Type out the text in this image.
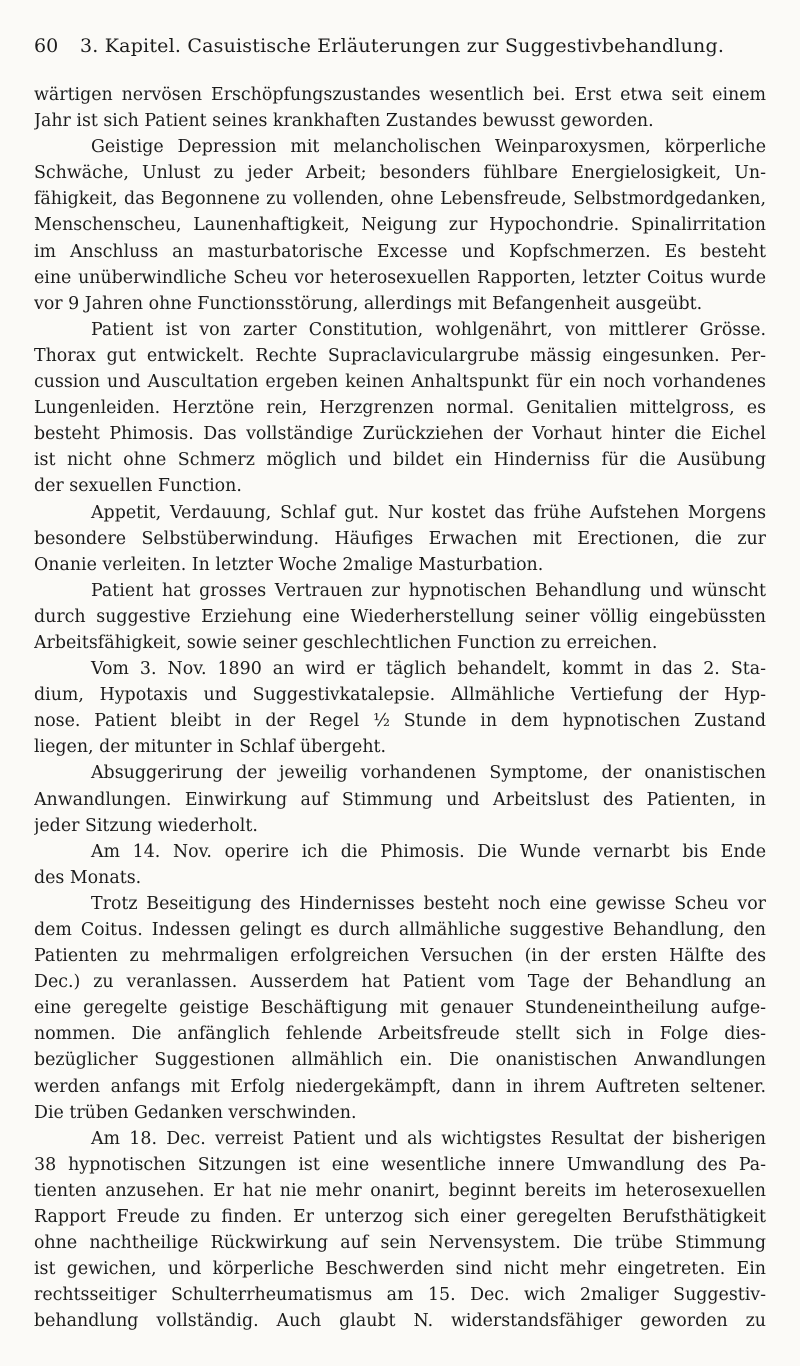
60 3. Kapitel. Casuistische Erläuterungen zur Suggestivbehandlung.
wärtigen nervösen Erschöpfungszustandes wesentlich bei. Erst etwa seit einem
Jahr ist sich Patient seines krankhaften Zustandes bewusst geworden.
Geistige Depression mit melancholischen Weinparoxysmen, körperliche
Schwäche, Unlust zu jeder Arbeit; besonders fühlbare Energielosigkeit, Un-
fähigkeit, das Begonnene zu vollenden, ohne Lebensfreude, Selbstmordgedanken,
Menschenscheu, Launenhaftigkeit, Neigung zur Hypochondrie. Spinalirritation
im Anschluss an masturbatorische Excesse und Kopfschmerzen. Es besteht
eine unüberwindliche Scheu vor heterosexuellen Rapporten, letzter Coitus wurde
vor 9 Jahren ohne Functionsstörung, allerdings mit Befangenheit ausgeübt.
Patient ist von zarter Constitution, wohlgenährt, von mittlerer Grösse.
Thorax gut entwickelt. Rechte Supraclaviculargrube mässig eingesunken. Per-
cussion und Auscultation ergeben keinen Anhaltspunkt für ein noch vorhandenes
Lungenleiden. Herztöne rein, Herzgrenzen normal. Genitalien mittelgross, es
besteht Phimosis. Das vollständige Zurückziehen der Vorhaut hinter die Eichel
ist nicht ohne Schmerz möglich und bildet ein Hinderniss für die Ausübung
der sexuellen Function.
Appetit, Verdauung, Schlaf gut. Nur kostet das frühe Aufstehen Morgens
besondere Selbstüberwindung. Häufiges Erwachen mit Erectionen, die zur
Onanie verleiten. In letzter Woche 2malige Masturbation.
Patient hat grosses Vertrauen zur hypnotischen Behandlung und wünscht
durch suggestive Erziehung eine Wiederherstellung seiner völlig eingebüssten
Arbeitsfähigkeit, sowie seiner geschlechtlichen Function zu erreichen.
Vom 3. Nov. 1890 an wird er täglich behandelt, kommt in das 2. Sta-
dium, Hypotaxis und Suggestivkatalepsie. Allmähliche Vertiefung der Hyp-
nose. Patient bleibt in der Regel ½ Stunde in dem hypnotischen Zustand
liegen, der mitunter in Schlaf übergeht.
Absuggerirung der jeweilig vorhandenen Symptome, der onanistischen
Anwandlungen. Einwirkung auf Stimmung und Arbeitslust des Patienten, in
jeder Sitzung wiederholt.
Am 14. Nov. operire ich die Phimosis. Die Wunde vernarbt bis Ende
des Monats.
Trotz Beseitigung des Hindernisses besteht noch eine gewisse Scheu vor
dem Coitus. Indessen gelingt es durch allmähliche suggestive Behandlung, den
Patienten zu mehrmaligen erfolgreichen Versuchen (in der ersten Hälfte des
Dec.) zu veranlassen. Ausserdem hat Patient vom Tage der Behandlung an
eine geregelte geistige Beschäftigung mit genauer Stundeneintheilung aufge-
nommen. Die anfänglich fehlende Arbeitsfreude stellt sich in Folge dies-
bezüglicher Suggestionen allmählich ein. Die onanistischen Anwandlungen
werden anfangs mit Erfolg niedergekämpft, dann in ihrem Auftreten seltener.
Die trüben Gedanken verschwinden.
Am 18. Dec. verreist Patient und als wichtigstes Resultat der bisherigen
38 hypnotischen Sitzungen ist eine wesentliche innere Umwandlung des Pa-
tienten anzusehen. Er hat nie mehr onanirt, beginnt bereits im heterosexuellen
Rapport Freude zu finden. Er unterzog sich einer geregelten Berufsthätigkeit
ohne nachtheilige Rückwirkung auf sein Nervensystem. Die trübe Stimmung
ist gewichen, und körperliche Beschwerden sind nicht mehr eingetreten. Ein
rechtsseitiger Schulterrheumatismus am 15. Dec. wich 2maliger Suggestiv-
behandlung vollständig. Auch glaubt N. widerstandsfähiger geworden zu
